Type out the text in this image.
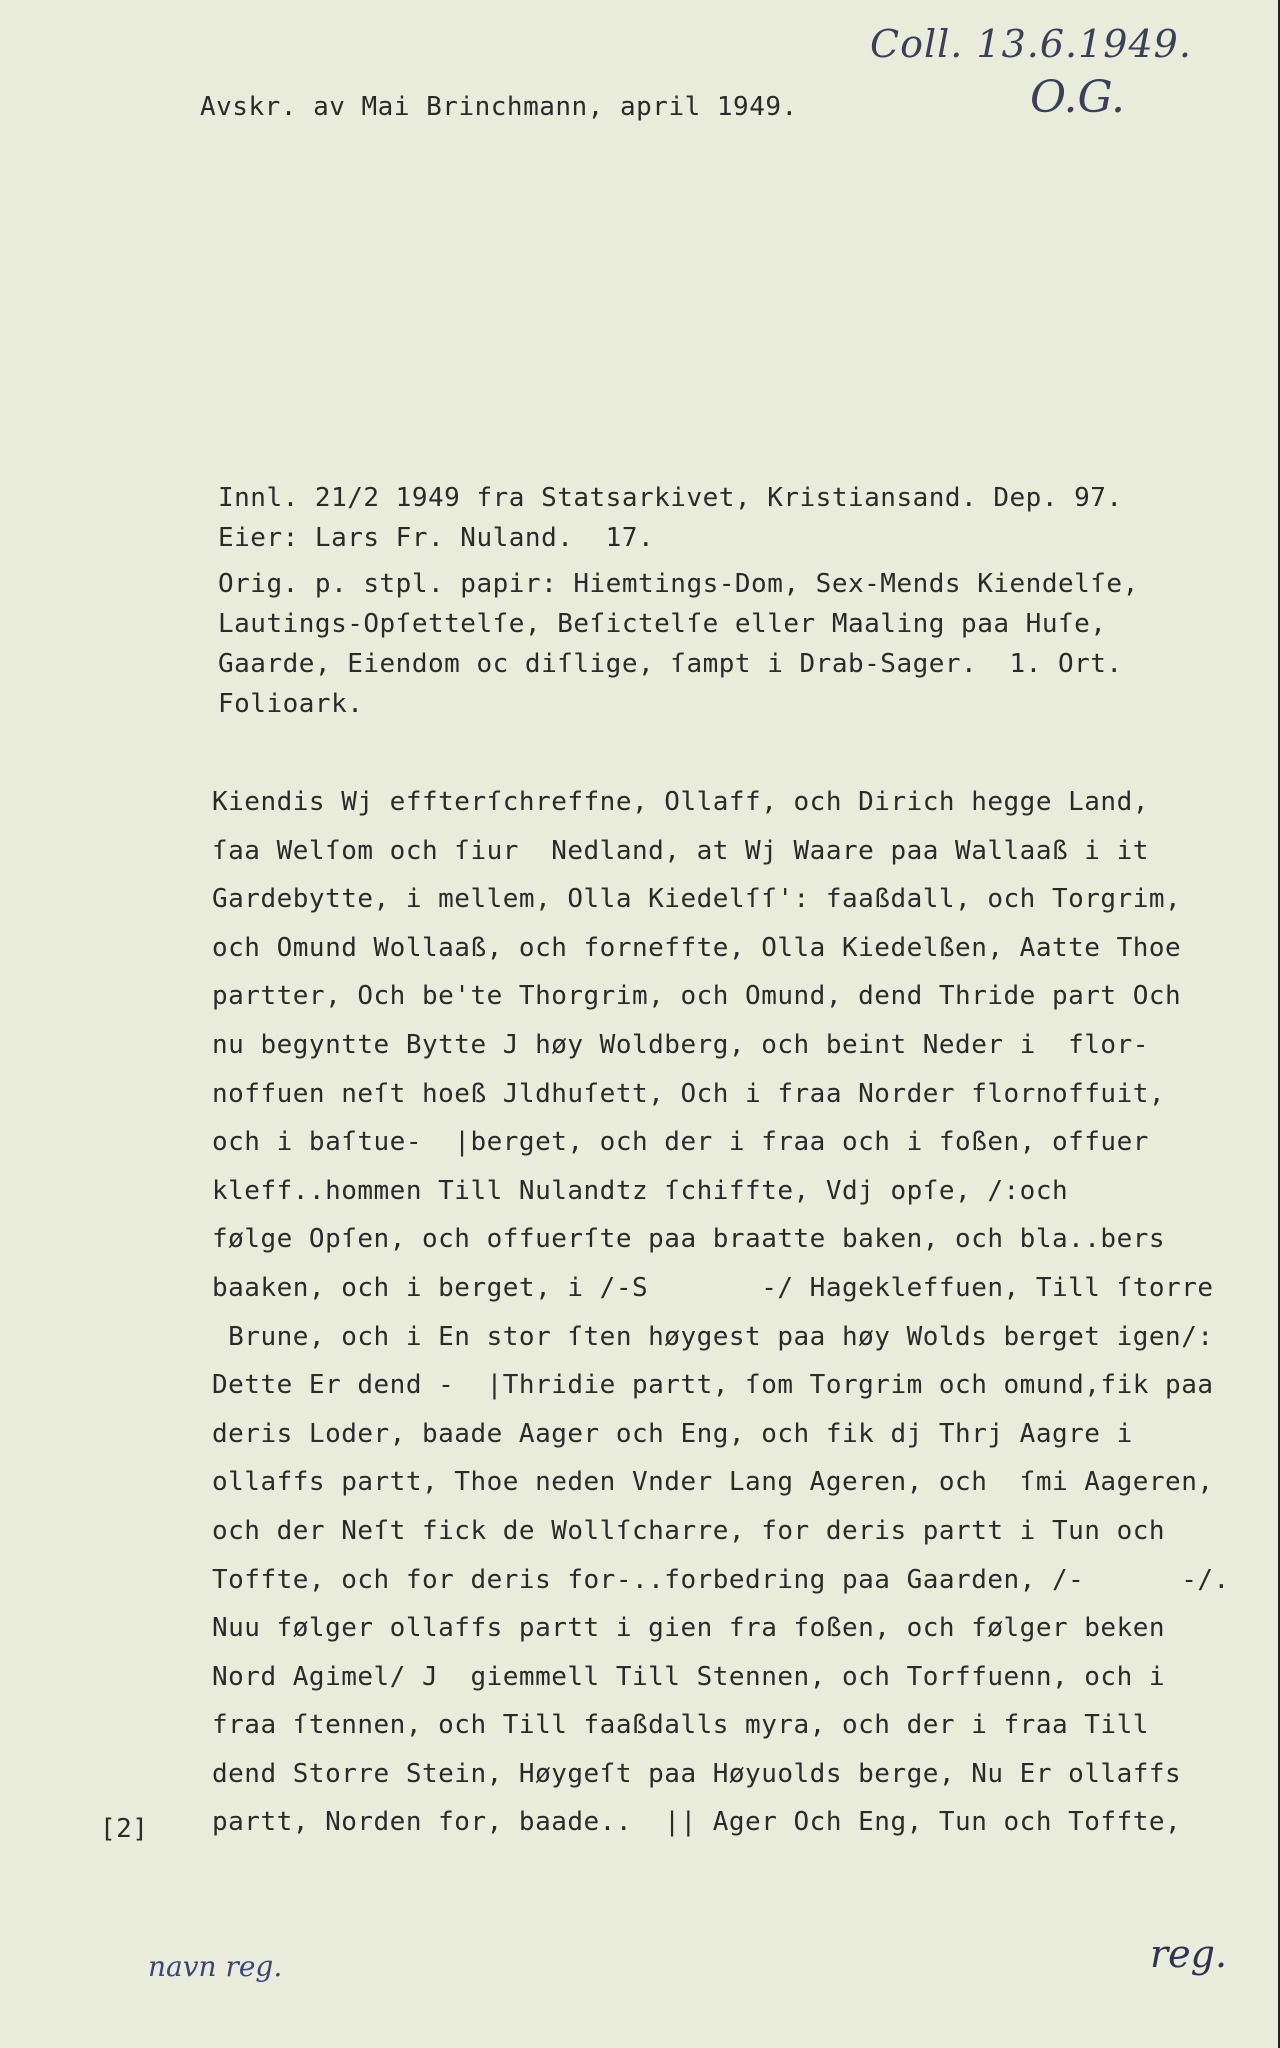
Coll. 13.6.1949.
O.G.
Avskr. av Mai Brinchmann, april 1949.
Innl. 21/2 1949 fra Statsarkivet, Kristiansand. Dep. 97.
Eier: Lars Fr. Nuland.  17.
Orig. p. stpl. papir: Hiemtings-Dom, Sex-Mends Kiendelſe,
Lautings-Opſettelſe, Beſictelſe eller Maaling paa Huſe,
Gaarde, Eiendom oc diſlige, ſampt i Drab-Sager.  1. Ort.
Folioark.
Kiendis Wj effterſchreffne, Ollaff, och Dirich hegge Land,
ſaa Welſom och ſiur  Nedland, at Wj Waare paa Wallaaß i it
Gardebytte, i mellem, Olla Kiedelſſ': faaßdall, och Torgrim,
och Omund Wollaaß, och forneffte, Olla Kiedelßen, Aatte Thoe
partter, Och be'te Thorgrim, och Omund, dend Thride part Och
nu begyntte Bytte J høy Woldberg, och beint Neder i  flor-
noffuen neſt hoeß Jldhuſett, Och i fraa Norder flornoffuit,
och i baſtue-  |berget, och der i fraa och i foßen, offuer
kleff..hommen Till Nulandtz ſchiffte, Vdj opſe, /:och
følge Opſen, och offuerſte paa braatte baken, och bla..bers
baaken, och i berget, i /-S       -/ Hagekleffuen, Till ſtorre
Brune, och i En stor ſten høygest paa høy Wolds berget igen/:
Dette Er dend -  |Thridie partt, ſom Torgrim och omund,fik paa
deris Loder, baade Aager och Eng, och fik dj Thrj Aagre i
ollaffs partt, Thoe neden Vnder Lang Ageren, och  ſmi Aageren,
och der Neſt fick de Wollſcharre, for deris partt i Tun och
Toffte, och for deris for-..forbedring paa Gaarden, /-      -/.
Nuu følger ollaffs partt i gien fra foßen, och følger beken
Nord Agimel/ J  giemmell Till Stennen, och Torffuenn, och i
fraa ſtennen, och Till faaßdalls myra, och der i fraa Till
dend Storre Stein, Høygeſt paa Høyuolds berge, Nu Er ollaffs
partt, Norden for, baade..  || Ager Och Eng, Tun och Toffte,
[2]
navn reg.	reg.
